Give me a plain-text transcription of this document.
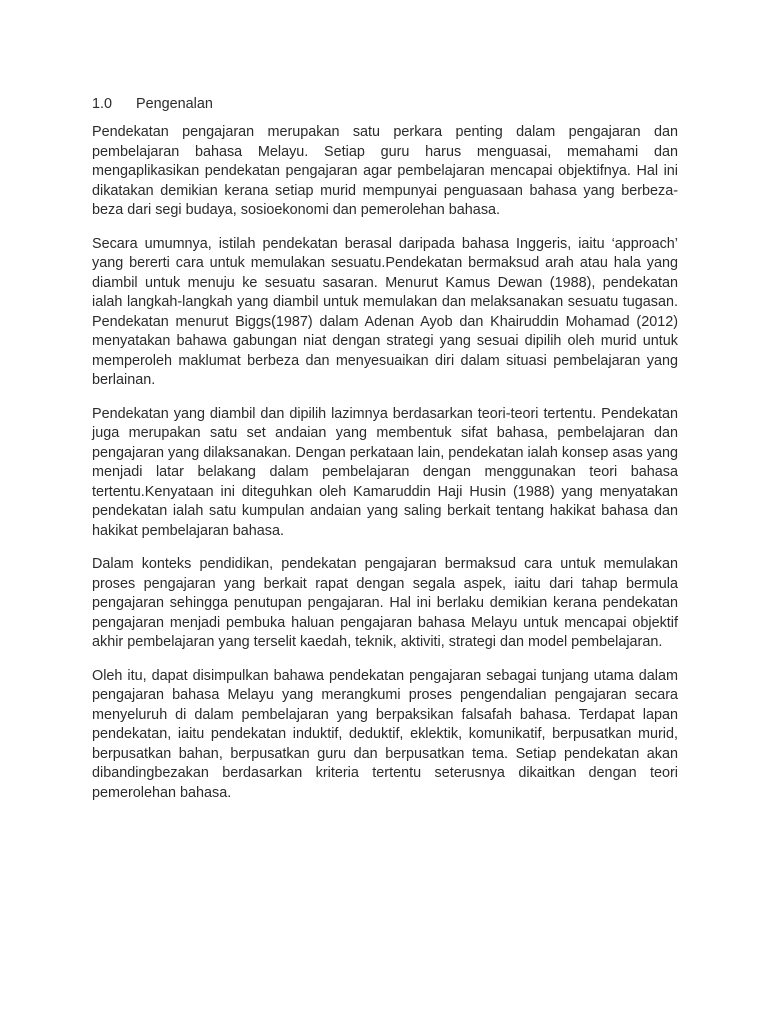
1.0	Pengenalan

Pendekatan pengajaran merupakan satu perkara penting dalam pengajaran dan pembelajaran bahasa Melayu. Setiap guru harus menguasai, memahami dan mengaplikasikan pendekatan pengajaran agar pembelajaran mencapai objektifnya. Hal ini dikatakan demikian kerana setiap murid mempunyai penguasaan bahasa yang berbeza-beza dari segi budaya, sosioekonomi dan pemerolehan bahasa.

Secara umumnya, istilah pendekatan berasal daripada bahasa Inggeris, iaitu ‘approach’ yang bererti cara untuk memulakan sesuatu.Pendekatan bermaksud arah atau hala yang diambil untuk menuju ke sesuatu sasaran. Menurut Kamus Dewan (1988), pendekatan ialah langkah-langkah yang diambil untuk memulakan dan melaksanakan sesuatu tugasan. Pendekatan menurut Biggs(1987) dalam Adenan Ayob dan Khairuddin Mohamad (2012) menyatakan bahawa gabungan niat dengan strategi yang sesuai dipilih oleh murid untuk memperoleh maklumat berbeza dan menyesuaikan diri dalam situasi pembelajaran yang berlainan.

Pendekatan yang diambil dan dipilih lazimnya berdasarkan teori-teori tertentu. Pendekatan juga merupakan satu set andaian yang membentuk sifat bahasa, pembelajaran dan pengajaran yang dilaksanakan. Dengan perkataan lain, pendekatan ialah konsep asas yang menjadi latar belakang dalam pembelajaran dengan menggunakan teori bahasa tertentu.Kenyataan ini diteguhkan oleh Kamaruddin Haji Husin (1988) yang menyatakan pendekatan ialah satu kumpulan andaian yang saling berkait tentang hakikat bahasa dan hakikat pembelajaran bahasa.

Dalam konteks pendidikan, pendekatan pengajaran bermaksud cara untuk memulakan proses pengajaran yang berkait rapat dengan segala aspek, iaitu dari tahap bermula pengajaran sehingga penutupan pengajaran. Hal ini berlaku demikian kerana pendekatan pengajaran menjadi pembuka haluan pengajaran bahasa Melayu untuk mencapai objektif akhir pembelajaran yang terselit kaedah, teknik, aktiviti, strategi dan model pembelajaran.

Oleh itu, dapat disimpulkan bahawa pendekatan pengajaran sebagai tunjang utama dalam pengajaran bahasa Melayu yang merangkumi proses pengendalian pengajaran secara menyeluruh di dalam pembelajaran yang berpaksikan falsafah bahasa. Terdapat lapan pendekatan, iaitu pendekatan induktif, deduktif, eklektik, komunikatif, berpusatkan murid, berpusatkan bahan, berpusatkan guru dan berpusatkan tema. Setiap pendekatan akan dibandingbezakan berdasarkan kriteria tertentu seterusnya dikaitkan dengan teori pemerolehan bahasa.
